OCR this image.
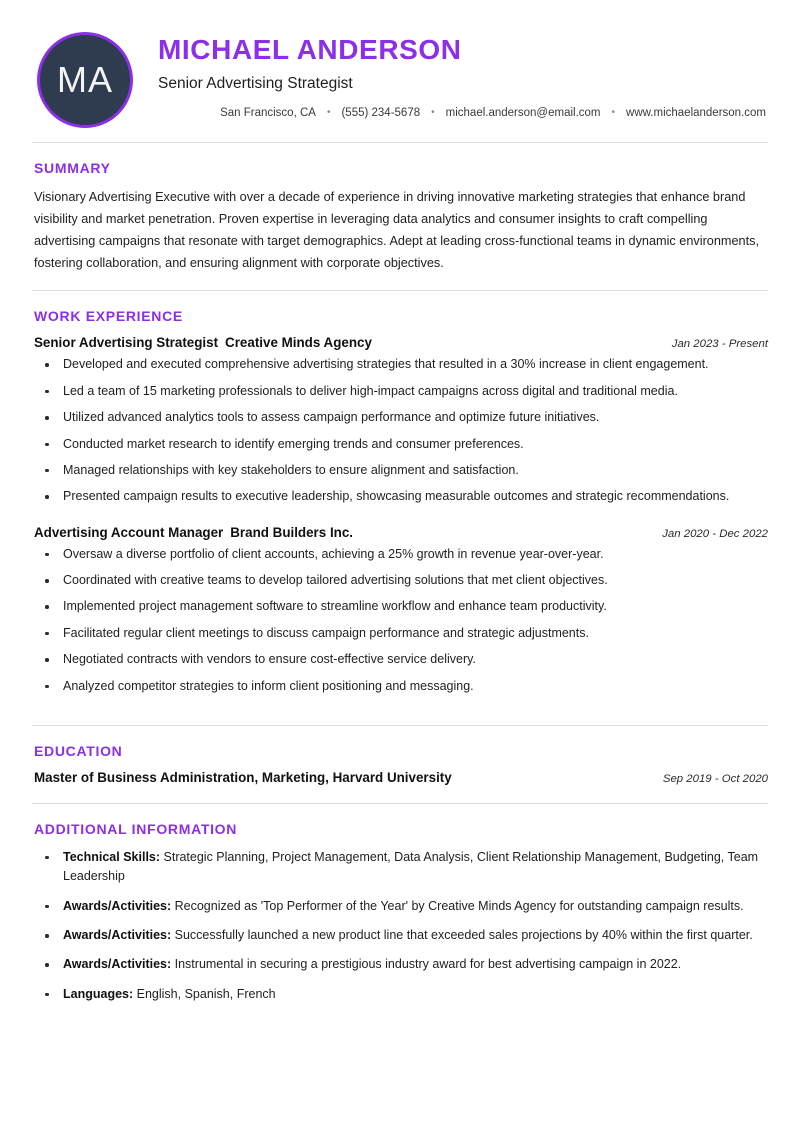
MA
MICHAEL ANDERSON
Senior Advertising Strategist
San Francisco, CA	• (555) 234-5678	• michael.anderson@email.com	• www.michaelanderson.com
SUMMARY

Visionary Advertising Executive with over a decade of experience in driving innovative marketing strategies that enhance brand visibility and market penetration. Proven expertise in leveraging data analytics and consumer insights to craft compelling advertising campaigns that resonate with target demographics. Adept at leading cross-functional teams in dynamic environments, fostering collaboration, and ensuring alignment with corporate objectives.

WORK EXPERIENCE
Senior Advertising Strategist Creative Minds Agency	Jan 2023 - Present
Developed and executed comprehensive advertising strategies that resulted in a 30% increase in client engagement.
Led a team of 15 marketing professionals to deliver high-impact campaigns across digital and traditional media.
Utilized advanced analytics tools to assess campaign performance and optimize future initiatives.
Conducted market research to identify emerging trends and consumer preferences.
Managed relationships with key stakeholders to ensure alignment and satisfaction.
Presented campaign results to executive leadership, showcasing measurable outcomes and strategic recommendations.
Advertising Account Manager Brand Builders Inc.	Jan 2020 - Dec 2022
Oversaw a diverse portfolio of client accounts, achieving a 25% growth in revenue year-over-year.
Coordinated with creative teams to develop tailored advertising solutions that met client objectives.
Implemented project management software to streamline workflow and enhance team productivity.
Facilitated regular client meetings to discuss campaign performance and strategic adjustments.
Negotiated contracts with vendors to ensure cost-effective service delivery.
Analyzed competitor strategies to inform client positioning and messaging.
EDUCATION
Master of Business Administration, Marketing, Harvard University	Sep 2019 - Oct 2020
ADDITIONAL INFORMATION
Technical Skills: Strategic Planning, Project Management, Data Analysis, Client Relationship Management, Budgeting, Team Leadership
Awards/Activities: Recognized as 'Top Performer of the Year' by Creative Minds Agency for outstanding campaign results.
Awards/Activities: Successfully launched a new product line that exceeded sales projections by 40% within the first quarter.
Awards/Activities: Instrumental in securing a prestigious industry award for best advertising campaign in 2022.
Languages: English, Spanish, French
